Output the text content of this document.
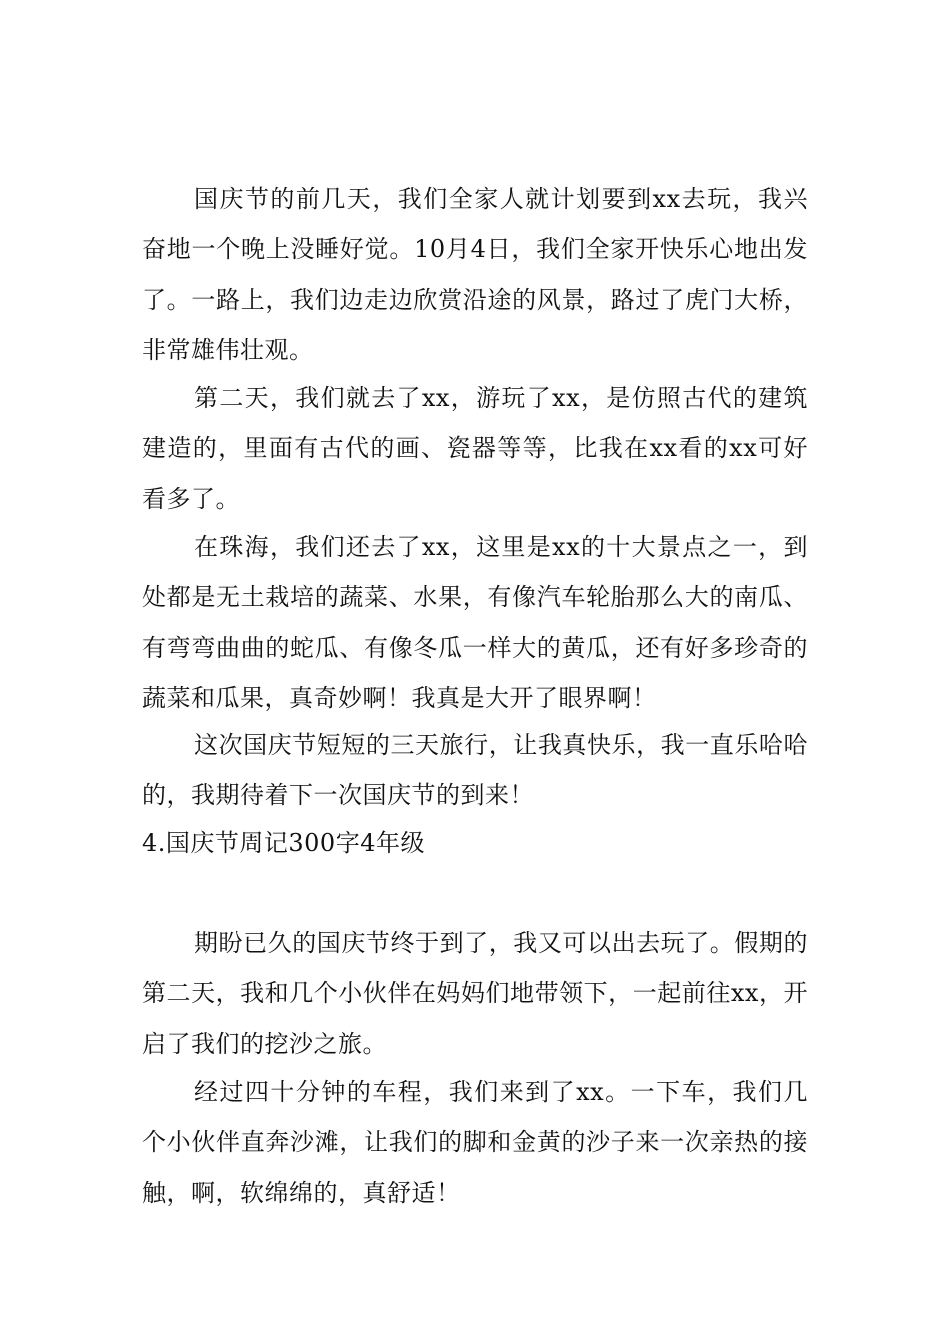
国庆节的前几天，我们全家人就计划要到xx去玩，我兴奋地一个晚上没睡好觉。10月4日，我们全家开快乐心地出发了。一路上，我们边走边欣赏沿途的风景，路过了虎门大桥，非常雄伟壮观。

第二天，我们就去了xx，游玩了xx，是仿照古代的建筑建造的，里面有古代的画、瓷器等等，比我在xx看的xx可好看多了。

在珠海，我们还去了xx，这里是xx的十大景点之一，到处都是无土栽培的蔬菜、水果，有像汽车轮胎那么大的南瓜、有弯弯曲曲的蛇瓜、有像冬瓜一样大的黄瓜，还有好多珍奇的蔬菜和瓜果，真奇妙啊！我真是大开了眼界啊！

这次国庆节短短的三天旅行，让我真快乐，我一直乐哈哈的，我期待着下一次国庆节的到来！

4.国庆节周记300字4年级

期盼已久的国庆节终于到了，我又可以出去玩了。假期的第二天，我和几个小伙伴在妈妈们地带领下，一起前往xx，开启了我们的挖沙之旅。

经过四十分钟的车程，我们来到了xx。一下车，我们几个小伙伴直奔沙滩，让我们的脚和金黄的沙子来一次亲热的接触，啊，软绵绵的，真舒适！
